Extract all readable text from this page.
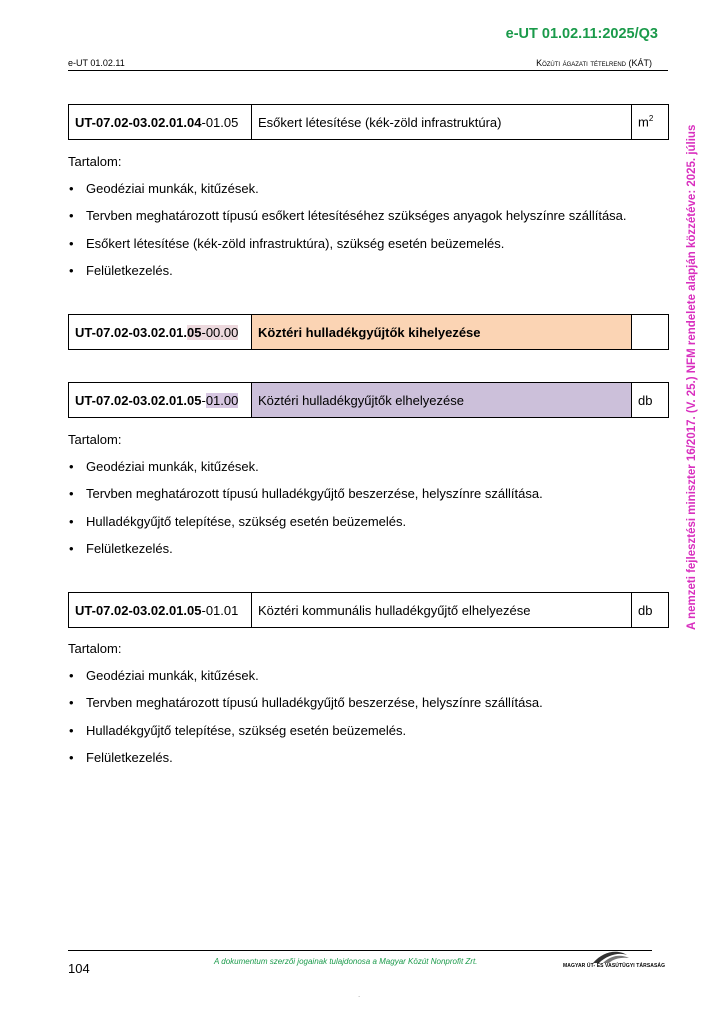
e-UT 01.02.11:2025/Q3
e-UT 01.02.11	Közúti ágazati tételrend (KÁT)
A nemzeti fejlesztési miniszter 16/2017. (V. 25.) NFM rendelete alapján közzétéve: 2025. július
UT-07.02-03.02.01.04-01.05	Esőkert létesítése (kék-zöld infrastruktúra)	$m^2$
Tartalom:
• Geodéziai munkák, kitűzések.
• Tervben meghatározott típusú esőkert létesítéséhez szükséges anyagok helyszínre szállítása.
• Esőkert létesítése (kék-zöld infrastruktúra), szükség esetén beüzemelés.
• Felületkezelés.
UT-07.02-03.02.01.05-00.00	Köztéri hulladékgyűjtők kihelyezése	
UT-07.02-03.02.01.05-01.00	Köztéri hulladékgyűjtők elhelyezése	db
Tartalom:
• Geodéziai munkák, kitűzések.
• Tervben meghatározott típusú hulladékgyűjtő beszerzése, helyszínre szállítása.
• Hulladékgyűjtő telepítése, szükség esetén beüzemelés.
• Felületkezelés.
UT-07.02-03.02.01.05-01.01	Köztéri kommunális hulladékgyűjtő elhelyezése	db
Tartalom:
• Geodéziai munkák, kitűzések.
• Tervben meghatározott típusú hulladékgyűjtő beszerzése, helyszínre szállítása.
• Hulladékgyűjtő telepítése, szükség esetén beüzemelés.
• Felületkezelés.
104	A dokumentum szerzői jogainak tulajdonosa a Magyar Közút Nonprofit Zrt.	MAGYAR ÚT- ÉS VASÚTÜGYI TÁRSASÁG
.
